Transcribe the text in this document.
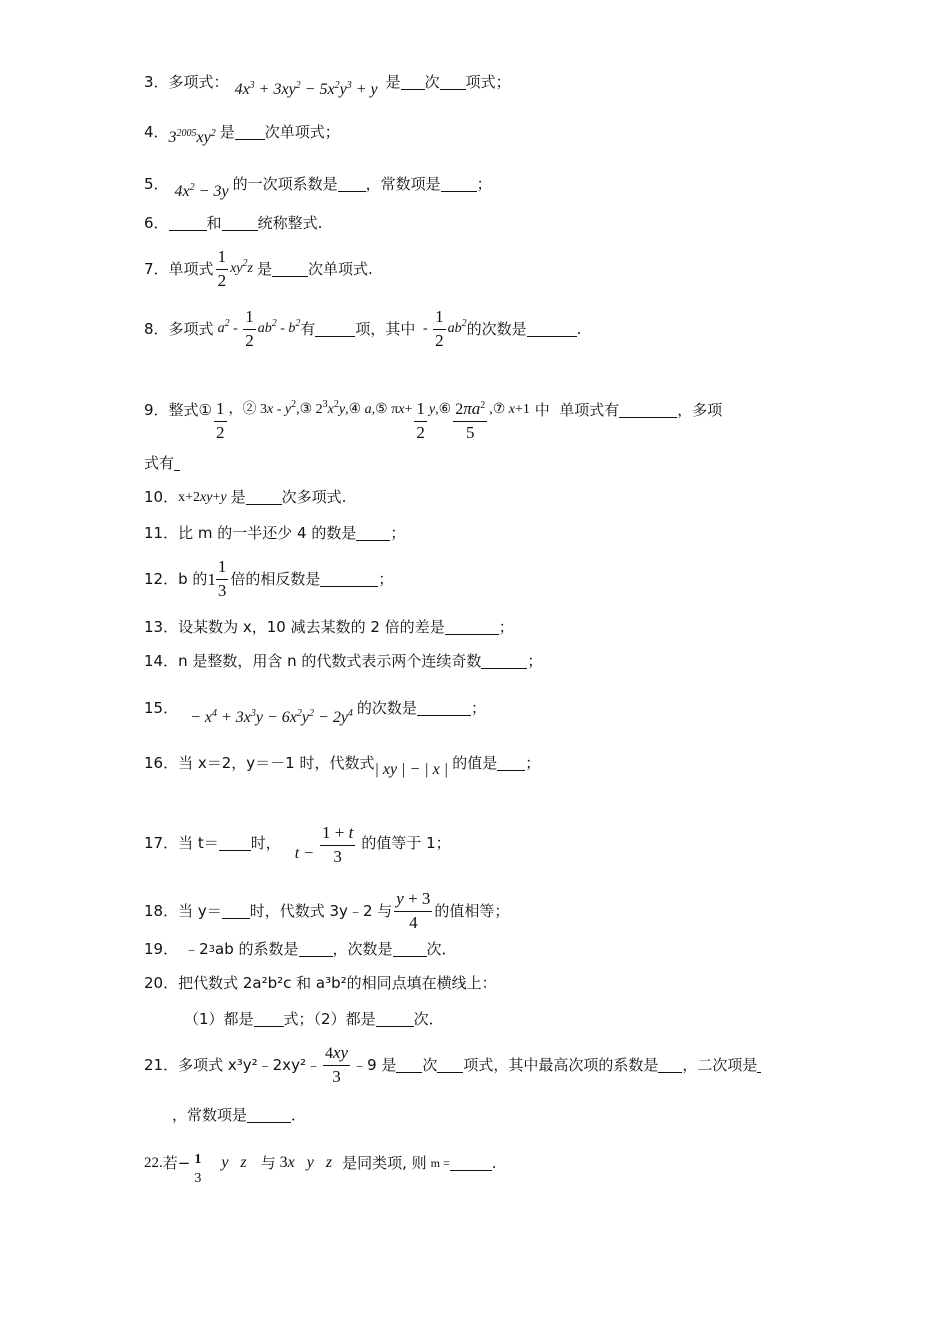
3． 多项式： $4x^3 + 3xy^2 - 5x^2y^3 + y$ 是 次 项式；
4． $3^{2005}xy^2$ 是 次单项式；
5． $4x^2 - 3y$ 的一次项系数是 ，常数项是 ；
6．	和 统称整式.
7． 单项式 $\frac{1}{2} xy^2z$ 是 次单项式.
8． 多项式 $a^2 - \frac{1}{2} ab^2 - b^2$ 有	项，其中 - $\frac{1}{2} ab^2$ 的次数是	.
9． 整式① $\frac{1}{2}$ ，② $3x - y^2,③$ $2^3x^2y,④$ a,⑤ $\pi x+ \frac{1}{2}$ y ,⑥ $\frac{2\pi a^2}{5}$ ,⑦ x+1 中  单项式有	，多项
式有
10． x+2xy+y 是 次多项式.
11． 比 m 的一半还少 4 的数是 ；
12． b 的 $1 \frac{1}{3}$ 倍的相反数是	；
13． 设某数为 x，10 减去某数的 2 倍的差是	；
14． n 是整数，用含 n 的代数式表示两个连续奇数	；
15．
− $x^4 + 3x^3y - 6x^2y^2 - 2y^4$ 的次数是	；
16． 当 x＝2，y＝－1 时，代数式 | xy | − | x | 的值是 ；
17． 当 t＝ 时，
$t - \frac{1 + t}{3}$ 的值等于 1；
18． 当 y＝ 时，代数式 3y﹣2 与 $\frac{y + 3}{4}$ 的值相等；
19． ﹣2 3 ab 的系数是 ，次数是 次．
20． 把代数式 2a²b²c 和 a³b²的相同点填在横线上：
（1）都是 式；（2）都是	次．
21． 多项式 x³y²﹣2xy²﹣ $\frac{4xy}{3}$ ﹣9 是 次 项式，其中最高次项的系数是 ，二次项是
，常数项是	．
22. 若− 1
3
y   z 与 3x   y   z 是同类项, 则 m =	.
